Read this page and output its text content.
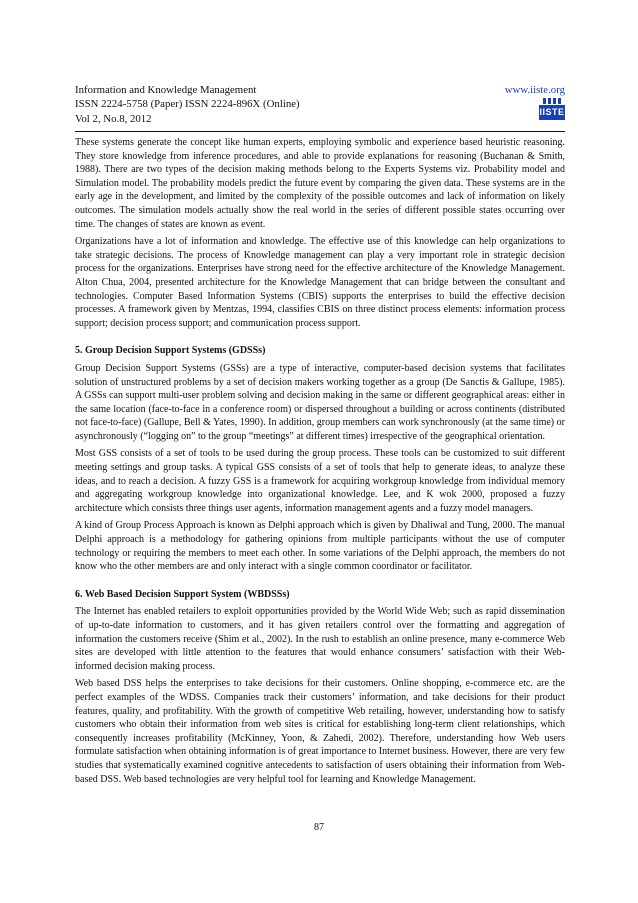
Information and Knowledge Management
ISSN 2224-5758 (Paper) ISSN 2224-896X (Online)
Vol 2, No.8, 2012
www.iiste.org
IISTE

These systems generate the concept like human experts, employing symbolic and experience based heuristic reasoning. They store knowledge from inference procedures, and able to provide explanations for reasoning (Buchanan & Smith, 1988). There are two types of the decision making methods belong to the Experts Systems viz. Probability model and Simulation model. The probability models predict the future event by comparing the given data. These systems are in the early age in the development, and limited by the complexity of the possible outcomes and lack of information on likely outcomes. The simulation models actually show the real world in the series of different possible states occurring over time. The changes of states are known as event.

Organizations have a lot of information and knowledge. The effective use of this knowledge can help organizations to take strategic decisions. The process of Knowledge management can play a very important role in strategic decision process for the organizations. Enterprises have strong need for the effective architecture of the Knowledge Management. Alton Chua, 2004, presented architecture for the Knowledge Management that can bridge between the consultant and technologies. Computer Based Information Systems (CBIS) supports the enterprises to build the effective decision processes. A framework given by Mentzas, 1994, classifies CBIS on three distinct process elements: information process support; decision process support; and communication process support.

5. Group Decision Support Systems (GDSSs)

Group Decision Support Systems (GSSs) are a type of interactive, computer-based decision systems that facilitates solution of unstructured problems by a set of decision makers working together as a group (De Sanctis & Gallupe, 1985). A GSSs can support multi-user problem solving and decision making in the same or different geographical areas: either in the same location (face-to-face in a conference room) or dispersed throughout a building or across continents (distributed not face-to-face) (Gallupe, Bell & Yates, 1990). In addition, group members can work synchronously (at the same time) or asynchronously (“logging on” to the group “meetings” at different times) irrespective of the geographical orientation.

Most GSS consists of a set of tools to be used during the group process. These tools can be customized to suit different meeting settings and group tasks. A typical GSS consists of a set of tools that help to generate ideas, to analyze these ideas, and to reach a decision. A fuzzy GSS is a framework for acquiring workgroup knowledge from individual memory and aggregating workgroup knowledge into organizational knowledge. Lee, and K wok 2000, proposed a fuzzy architecture which consists three things user agents, information management agents and a fuzzy model managers.

A kind of Group Process Approach is known as Delphi approach which is given by Dhaliwal and Tung, 2000. The manual Delphi approach is a methodology for gathering opinions from multiple participants without the use of computer technology or requiring the members to meet each other. In some variations of the Delphi approach, the members do not know who the other members are and only interact with a single common coordinator or facilitator.

6. Web Based Decision Support System (WBDSSs)

The Internet has enabled retailers to exploit opportunities provided by the World Wide Web; such as rapid dissemination of up-to-date information to customers, and it has given retailers control over the formatting and aggregation of information the customers receive (Shim et al., 2002). In the rush to establish an online presence, many e-commerce Web sites are developed with little attention to the features that would enhance consumers’ satisfaction with their Web-informed decision making process.

Web based DSS helps the enterprises to take decisions for their customers. Online shopping, e-commerce etc. are the perfect examples of the WDSS. Companies track their customers’ information, and take decisions for their product features, quality, and profitability. With the growth of competitive Web retailing, however, understanding how to satisfy customers who obtain their information from web sites is critical for establishing long-term client relationships, which consequently increases profitability (McKinney, Yoon, & Zahedi, 2002). Therefore, understanding how Web users formulate satisfaction when obtaining information is of great importance to Internet business. However, there are very few studies that systematically examined cognitive antecedents to satisfaction of users obtaining their information from Web-based DSS. Web based technologies are very helpful tool for learning and Knowledge Management.

87
